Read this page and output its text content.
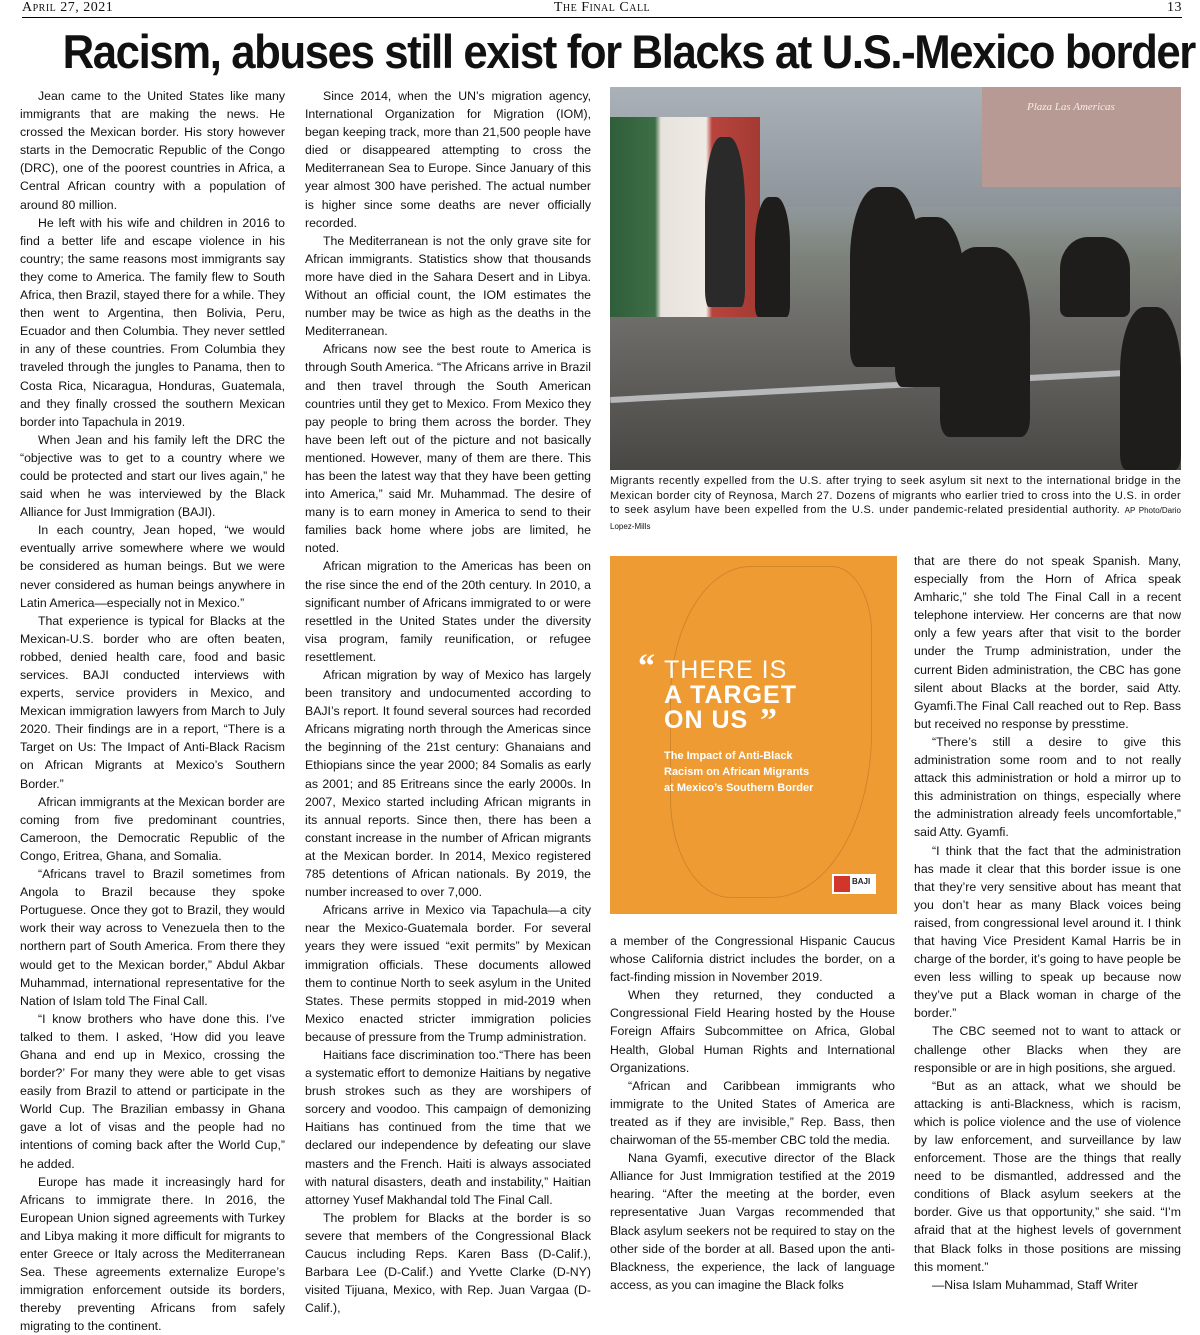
April 27, 2021	The Final Call	13
Racism, abuses still exist for Blacks at U.S.-Mexico border

Jean came to the United States like many immigrants that are making the news. He crossed the Mexican border. His story however starts in the Democratic Republic of the Congo (DRC), one of the poorest countries in Africa, a Central African country with a population of around 80 million.

He left with his wife and children in 2016 to find a better life and escape violence in his country; the same reasons most immigrants say they come to America. The family flew to South Africa, then Brazil, stayed there for a while. They then went to Argentina, then Bolivia, Peru, Ecuador and then Columbia. They never settled in any of these countries. From Columbia they traveled through the jungles to Panama, then to Costa Rica, Nicaragua, Honduras, Guatemala, and they finally crossed the southern Mexican border into Tapachula in 2019.

When Jean and his family left the DRC the “objective was to get to a country where we could be protected and start our lives again,” he said when he was interviewed by the Black Alliance for Just Immigration (BAJI).

In each country, Jean hoped, “we would eventually arrive somewhere where we would be considered as human beings. But we were never considered as human beings anywhere in Latin America—especially not in Mexico.”

That experience is typical for Blacks at the Mexican-U.S. border who are often beaten, robbed, denied health care, food and basic services. BAJI conducted interviews with experts, service providers in Mexico, and Mexican immigration lawyers from March to July 2020. Their findings are in a report, “There is a Target on Us: The Impact of Anti-Black Racism on African Migrants at Mexico’s Southern Border.”

African immigrants at the Mexican border are coming from five predominant countries, Cameroon, the Democratic Republic of the Congo, Eritrea, Ghana, and Somalia.

“Africans travel to Brazil sometimes from Angola to Brazil because they spoke Portuguese. Once they got to Brazil, they would work their way across to Venezuela then to the northern part of South America. From there they would get to the Mexican border,” Abdul Akbar Muhammad, international representative for the Nation of Islam told The Final Call.

“I know brothers who have done this. I’ve talked to them. I asked, ‘How did you leave Ghana and end up in Mexico, crossing the border?’ For many they were able to get visas easily from Brazil to attend or participate in the World Cup. The Brazilian embassy in Ghana gave a lot of visas and the people had no intentions of coming back after the World Cup,” he added.

Europe has made it increasingly hard for Africans to immigrate there. In 2016, the European Union signed agreements with Turkey and Libya making it more difficult for migrants to enter Greece or Italy across the Mediterranean Sea. These agreements externalize Europe’s immigration enforcement outside its borders, thereby preventing Africans from safely migrating to the continent.

Since 2014, when the UN’s migration agency, International Organization for Migration (IOM), began keeping track, more than 21,500 people have died or disappeared attempting to cross the Mediterranean Sea to Europe. Since January of this year almost 300 have perished. The actual number is higher since some deaths are never officially recorded.

The Mediterranean is not the only grave site for African immigrants. Statistics show that thousands more have died in the Sahara Desert and in Libya. Without an official count, the IOM estimates the number may be twice as high as the deaths in the Mediterranean.

Africans now see the best route to America is through South America. “The Africans arrive in Brazil and then travel through the South American countries until they get to Mexico. From Mexico they pay people to bring them across the border. They have been left out of the picture and not basically mentioned. However, many of them are there. This has been the latest way that they have been getting into America,” said Mr. Muhammad. The desire of many is to earn money in America to send to their families back home where jobs are limited, he noted.

African migration to the Americas has been on the rise since the end of the 20th century. In 2010, a significant number of Africans immigrated to or were resettled in the United States under the diversity visa program, family reunification, or refugee resettlement.

African migration by way of Mexico has largely been transitory and undocumented according to BAJI’s report. It found several sources had recorded Africans migrating north through the Americas since the beginning of the 21st century: Ghanaians and Ethiopians since the year 2000; 84 Somalis as early as 2001; and 85 Eritreans since the early 2000s. In 2007, Mexico started including African migrants in its annual reports. Since then, there has been a constant increase in the number of African migrants at the Mexican border. In 2014, Mexico registered 785 detentions of African nationals. By 2019, the number increased to over 7,000.

Africans arrive in Mexico via Tapachula—a city near the Mexico-Guatemala border. For several years they were issued “exit permits” by Mexican immigration officials. These documents allowed them to continue North to seek asylum in the United States. These permits stopped in mid-2019 when Mexico enacted stricter immigration policies because of pressure from the Trump administration.

Haitians face discrimination too.“There has been a systematic effort to demonize Haitians by negative brush strokes such as they are worshipers of sorcery and voodoo. This campaign of demonizing Haitians has continued from the time that we declared our independence by defeating our slave masters and the French. Haiti is always associated with natural disasters, death and instability,” Haitian attorney Yusef Makhandal told The Final Call.

The problem for Blacks at the border is so severe that members of the Congressional Black Caucus including Reps. Karen Bass (D-Calif.), Barbara Lee (D-Calif.) and Yvette Clarke (D-NY) visited Tijuana, Mexico, with Rep. Juan Vargaa (D-Calif.),

Plaza Las Americas
Migrants recently expelled from the U.S. after trying to seek asylum sit next to the international bridge in the Mexican border city of Reynosa, March 27. Dozens of migrants who earlier tried to cross into the U.S. in order to seek asylum have been expelled from the U.S. under pandemic-related presidential authority. AP Photo/Dario Lopez-Mills
“ THERE IS
A TARGET
ON US ”
The Impact of Anti-Black
Racism on African Migrants
at Mexico’s Southern Border
BAJI

a member of the Congressional Hispanic Caucus whose California district includes the border, on a fact-finding mission in November 2019.

When they returned, they conducted a Congressional Field Hearing hosted by the House Foreign Affairs Subcommittee on Africa, Global Health, Global Human Rights and International Organizations.

“African and Caribbean immigrants who immigrate to the United States of America are treated as if they are invisible,” Rep. Bass, then chairwoman of the 55-member CBC told the media.

Nana Gyamfi, executive director of the Black Alliance for Just Immigration testified at the 2019 hearing. “After the meeting at the border, even representative Juan Vargas recommended that Black asylum seekers not be required to stay on the other side of the border at all. Based upon the anti-Blackness, the experience, the lack of language access, as you can imagine the Black folks

that are there do not speak Spanish. Many, especially from the Horn of Africa speak Amharic,” she told The Final Call in a recent telephone interview. Her concerns are that now only a few years after that visit to the border under the Trump administration, under the current Biden administration, the CBC has gone silent about Blacks at the border, said Atty. Gyamfi.The Final Call reached out to Rep. Bass but received no response by presstime.

“There’s still a desire to give this administration some room and to not really attack this administration or hold a mirror up to this administration on things, especially where the administration already feels uncomfortable,” said Atty. Gyamfi.

“I think that the fact that the administration has made it clear that this border issue is one that they’re very sensitive about has meant that you don’t hear as many Black voices being raised, from congressional level around it. I think that having Vice President Kamal Harris be in charge of the border, it’s going to have people be even less willing to speak up because now they’ve put a Black woman in charge of the border.”

The CBC seemed not to want to attack or challenge other Blacks when they are responsible or are in high positions, she argued.

“But as an attack, what we should be attacking is anti-Blackness, which is racism, which is police violence and the use of violence by law enforcement, and surveillance by law enforcement. Those are the things that really need to be dismantled, addressed and the conditions of Black asylum seekers at the border. Give us that opportunity,” she said. “I’m afraid that at the highest levels of government that Black folks in those positions are missing this moment.”

—Nisa Islam Muhammad, Staff Writer
